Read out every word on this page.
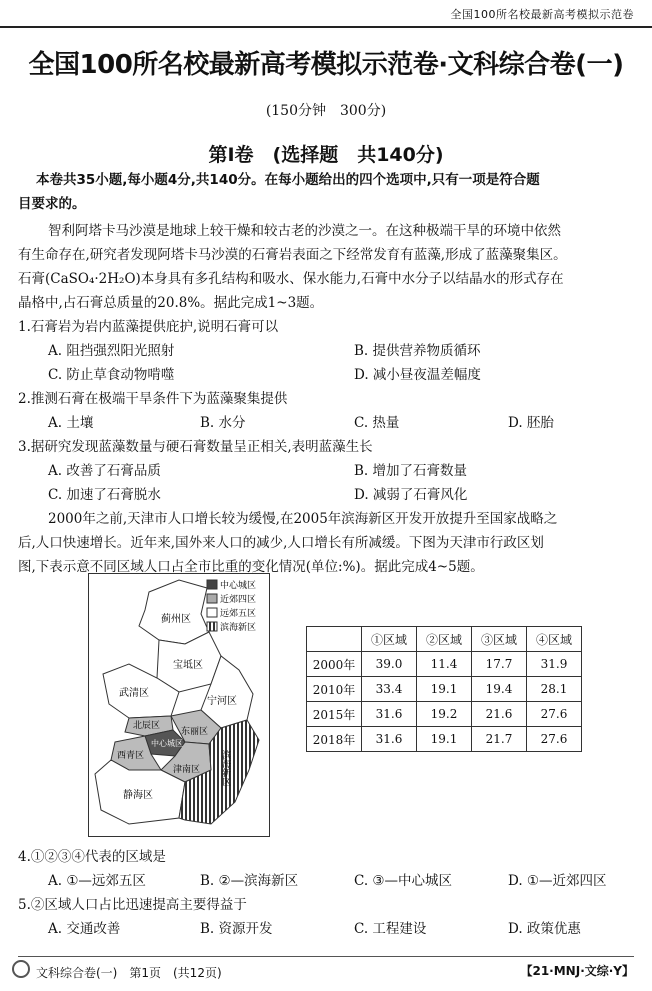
全国100所名校最新高考模拟示范卷
全国100所名校最新高考模拟示范卷·文科综合卷(一)
(150分钟　300分)
第Ⅰ卷　(选择题　共140分)
本卷共35小题,每小题4分,共140分。在每小题给出的四个选项中,只有一项是符合题
目要求的。
智利阿塔卡马沙漠是地球上较干燥和较古老的沙漠之一。在这种极端干旱的环境中依然
有生命存在,研究者发现阿塔卡马沙漠的石膏岩表面之下经常发育有蓝藻,形成了蓝藻聚集区。
石膏(CaSO₄·2H₂O)本身具有多孔结构和吸水、保水能力,石膏中水分子以结晶水的形式存在
晶格中,占石膏总质量的20.8%。据此完成1~3题。
1.石膏岩为岩内蓝藻提供庇护,说明石膏可以
A. 阻挡强烈阳光照射	B. 提供营养物质循环
C. 防止草食动物啃噬	D. 减小昼夜温差幅度
2.推测石膏在极端干旱条件下为蓝藻聚集提供
A. 土壤	B. 水分	C. 热量	D. 胚胎
3.据研究发现蓝藻数量与硬石膏数量呈正相关,表明蓝藻生长
A. 改善了石膏品质	B. 增加了石膏数量
C. 加速了石膏脱水	D. 减弱了石膏风化
2000年之前,天津市人口增长较为缓慢,在2005年滨海新区开发开放提升至国家战略之
后,人口快速增长。近年来,国外来人口的减少,人口增长有所减缓。下图为天津市行政区划
图,下表示意不同区域人口占全市比重的变化情况(单位:%)。据此完成4~5题。
中心城区
近郊四区
远郊五区
滨海新区
蓟州区
宝坻区
武清区
宁河区
北辰区
中心城区
东丽区
西青区
津南区
静海区
滨海新区
	①区域	②区域	③区域	④区域
2000年	39.0	11.4	17.7	31.9
2010年	33.4	19.1	19.4	28.1
2015年	31.6	19.2	21.6	27.6
2018年	31.6	19.1	21.7	27.6
4.①②③④代表的区域是
A. ①—远郊五区	B. ②—滨海新区	C. ③—中心城区	D. ①—近郊四区
5.②区域人口占比迅速提高主要得益于
A. 交通改善	B. 资源开发	C. 工程建设	D. 政策优惠
文科综合卷(一)　第1页　(共12页)	【21·MNJ·文综·Y】
